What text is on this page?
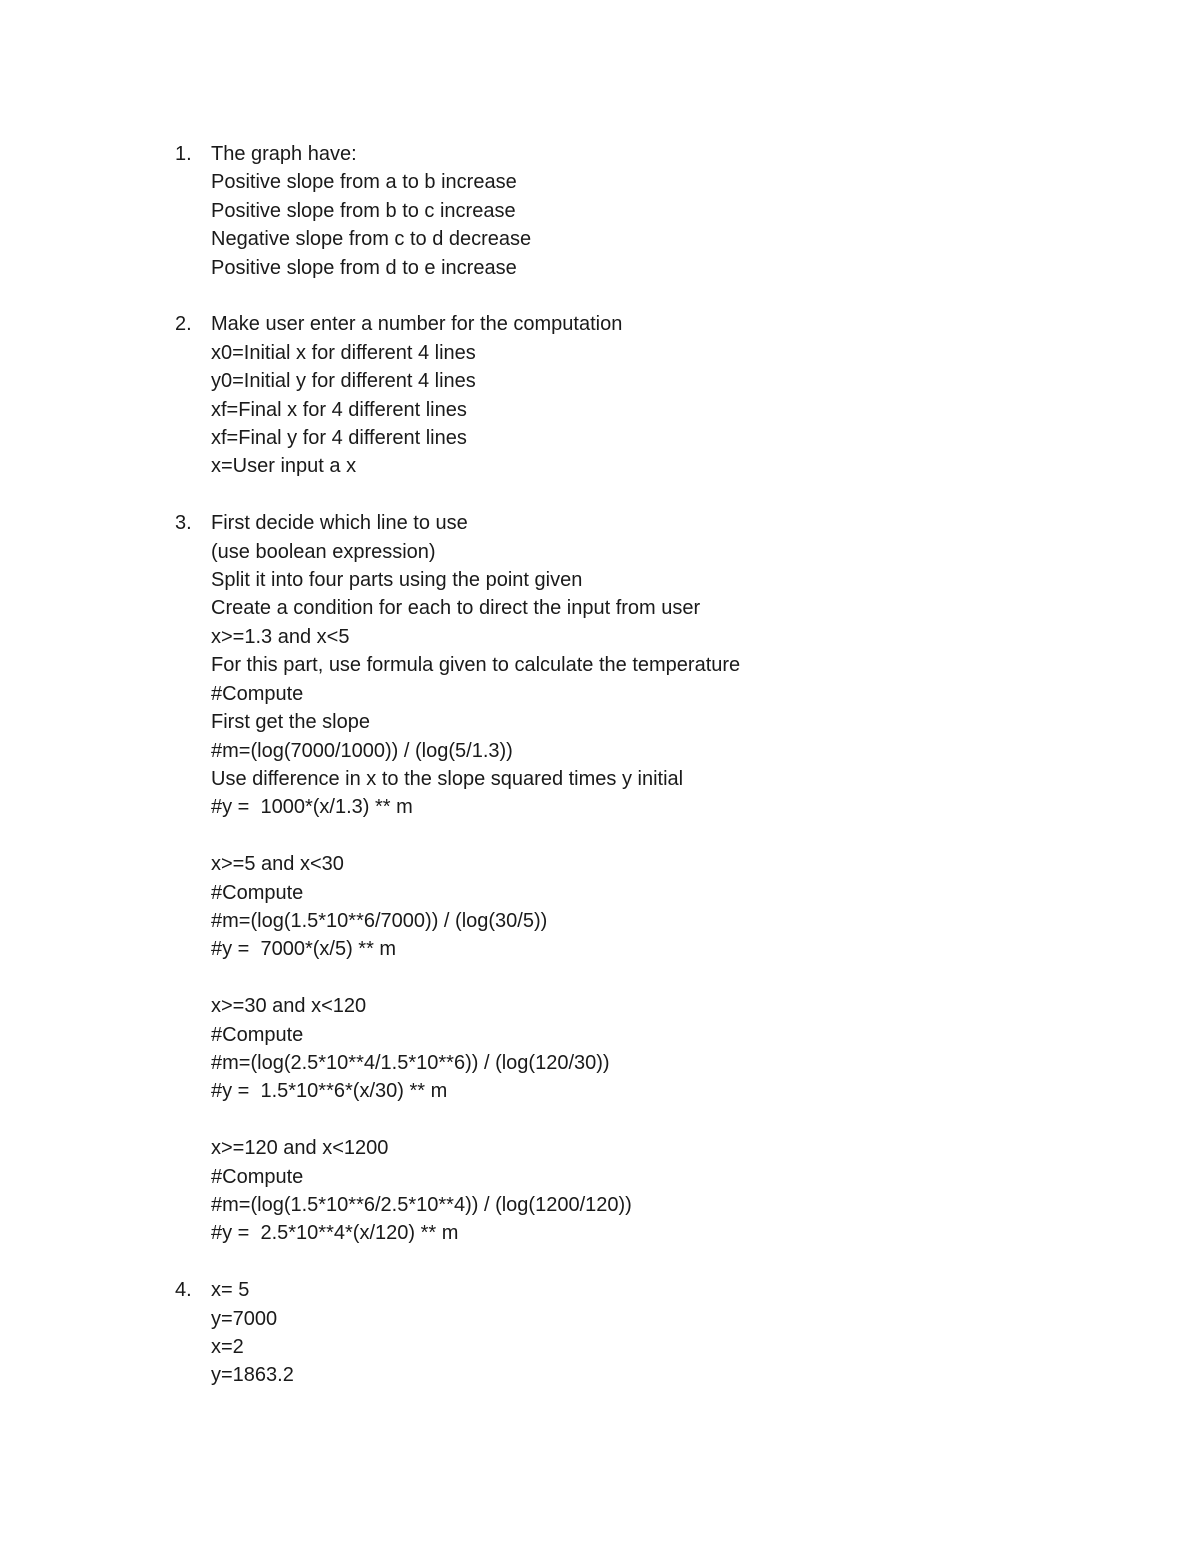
1. The graph have:
Positive slope from a to b increase
Positive slope from b to c increase
Negative slope from c to d decrease
Positive slope from d to e increase
2. Make user enter a number for the computation
x0=Initial x for different 4 lines
y0=Initial y for different 4 lines
xf=Final x for 4 different lines
xf=Final y for 4 different lines
x=User input a x
3. First decide which line to use
(use boolean expression)
Split it into four parts using the point given
Create a condition for each to direct the input from user
x>=1.3 and x<5
For this part, use formula given to calculate the temperature
#Compute
First get the slope
#m=(log(7000/1000)) / (log(5/1.3))
Use difference in x to the slope squared times y initial
#y =  1000*(x/1.3) ** m
x>=5 and x<30
#Compute
#m=(log(1.5*10**6/7000)) / (log(30/5))
#y =  7000*(x/5) ** m
x>=30 and x<120
#Compute
#m=(log(2.5*10**4/1.5*10**6)) / (log(120/30))
#y =  1.5*10**6*(x/30) ** m
x>=120 and x<1200
#Compute
#m=(log(1.5*10**6/2.5*10**4)) / (log(1200/120))
#y =  2.5*10**4*(x/120) ** m
4. x= 5
y=7000
x=2
y=1863.2
